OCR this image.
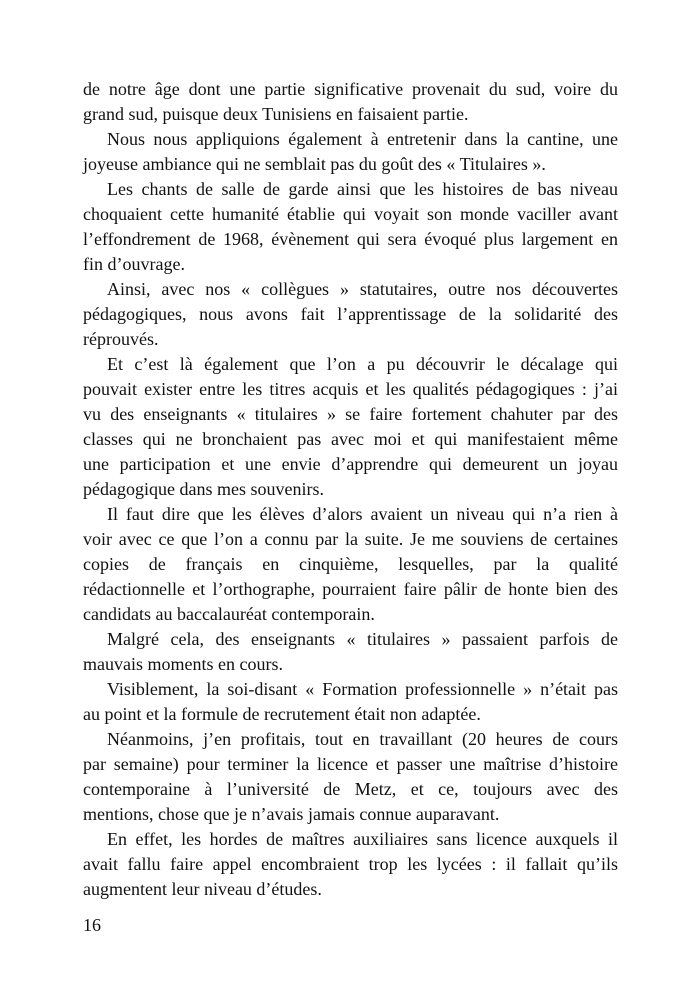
de notre âge dont une partie significative provenait du sud, voire du
grand sud, puisque deux Tunisiens en faisaient partie.
Nous nous appliquions également à entretenir dans la cantine, une
joyeuse ambiance qui ne semblait pas du goût des « Titulaires ».
Les chants de salle de garde ainsi que les histoires de bas niveau
choquaient cette humanité établie qui voyait son monde vaciller avant
l’effondrement de 1968, évènement qui sera évoqué plus largement en
fin d’ouvrage.
Ainsi, avec nos « collègues » statutaires, outre nos découvertes
pédagogiques, nous avons fait l’apprentissage de la solidarité des
réprouvés.
Et c’est là également que l’on a pu découvrir le décalage qui
pouvait exister entre les titres acquis et les qualités pédagogiques : j’ai
vu des enseignants « titulaires » se faire fortement chahuter par des
classes qui ne bronchaient pas avec moi et qui manifestaient même
une participation et une envie d’apprendre qui demeurent un joyau
pédagogique dans mes souvenirs.
Il faut dire que les élèves d’alors avaient un niveau qui n’a rien à
voir avec ce que l’on a connu par la suite. Je me souviens de certaines
copies de français en cinquième, lesquelles, par la qualité
rédactionnelle et l’orthographe, pourraient faire pâlir de honte bien des
candidats au baccalauréat contemporain.
Malgré cela, des enseignants « titulaires » passaient parfois de
mauvais moments en cours.
Visiblement, la soi-disant « Formation professionnelle » n’était pas
au point et la formule de recrutement était non adaptée.
Néanmoins, j’en profitais, tout en travaillant (20 heures de cours
par semaine) pour terminer la licence et passer une maîtrise d’histoire
contemporaine à l’université de Metz, et ce, toujours avec des
mentions, chose que je n’avais jamais connue auparavant.
En effet, les hordes de maîtres auxiliaires sans licence auxquels il
avait fallu faire appel encombraient trop les lycées : il fallait qu’ils
augmentent leur niveau d’études.
16
